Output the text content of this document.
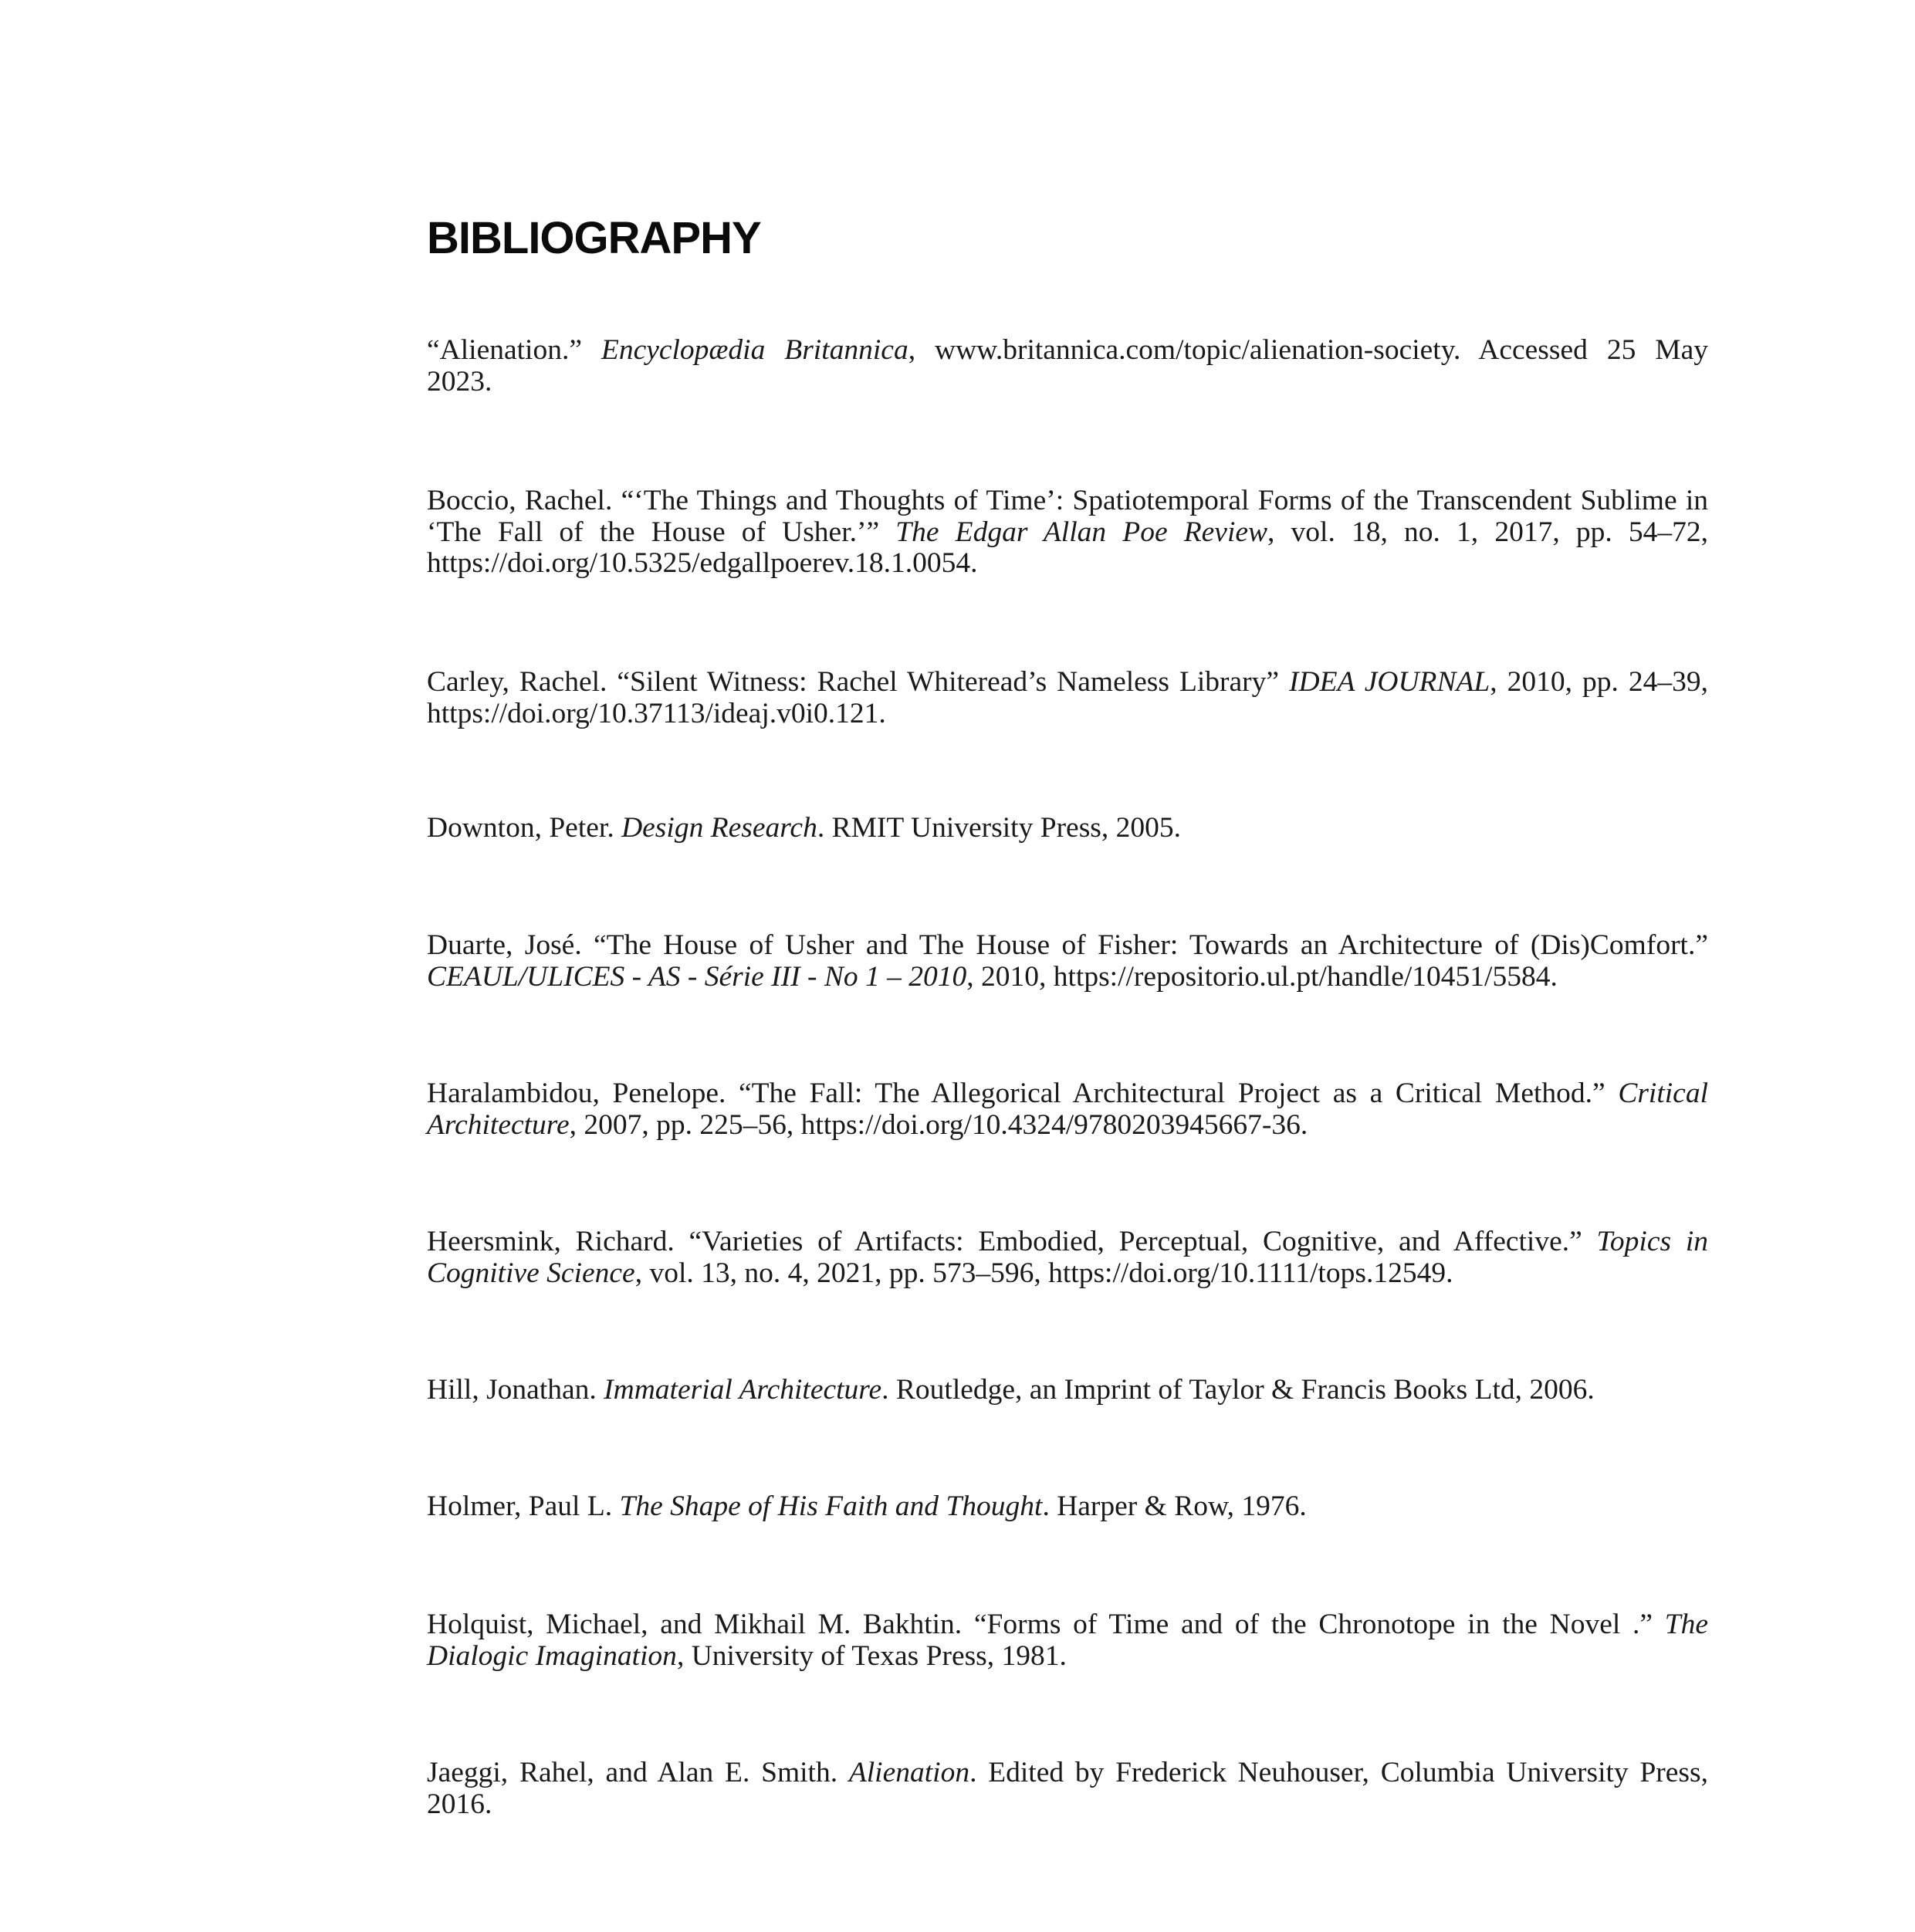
BIBLIOGRAPHY

“Alienation.” Encyclopædia Britannica, www.britannica.com/topic/alienation-society. Accessed 25 May 2023.

Boccio, Rachel. “‘The Things and Thoughts of Time’: Spatiotemporal Forms of the Transcendent Sublime in ‘The Fall of the House of Usher.’” The Edgar Allan Poe Review, vol. 18, no. 1, 2017, pp. 54–72, https://doi.org/10.5325/edgallpoerev.18.1.0054.

Carley, Rachel. “Silent Witness: Rachel Whiteread’s Nameless Library” IDEA JOURNAL, 2010, pp. 24–39, https://doi.org/10.37113/ideaj.v0i0.121.

Downton, Peter. Design Research. RMIT University Press, 2005.

Duarte, José. “The House of Usher and The House of Fisher: Towards an Architecture of (Dis)Comfort.” CEAUL/ULICES - AS - Série III - No 1 – 2010, 2010, https://repositorio.ul.pt/handle/10451/5584.

Haralambidou, Penelope. “The Fall: The Allegorical Architectural Project as a Critical Method.” Critical Architecture, 2007, pp. 225–56, https://doi.org/10.4324/9780203945667-36.

Heersmink, Richard. “Varieties of Artifacts: Embodied, Perceptual, Cognitive, and Affective.” Topics in Cognitive Science, vol. 13, no. 4, 2021, pp. 573–596, https://doi.org/10.1111/tops.12549.

Hill, Jonathan. Immaterial Architecture. Routledge, an Imprint of Taylor & Francis Books Ltd, 2006.

Holmer, Paul L. The Shape of His Faith and Thought. Harper & Row, 1976.

Holquist, Michael, and Mikhail M. Bakhtin. “Forms of Time and of the Chronotope in the Novel .” The Dialogic Imagination, University of Texas Press, 1981.

Jaeggi, Rahel, and Alan E. Smith. Alienation. Edited by Frederick Neuhouser, Columbia University Press, 2016.
